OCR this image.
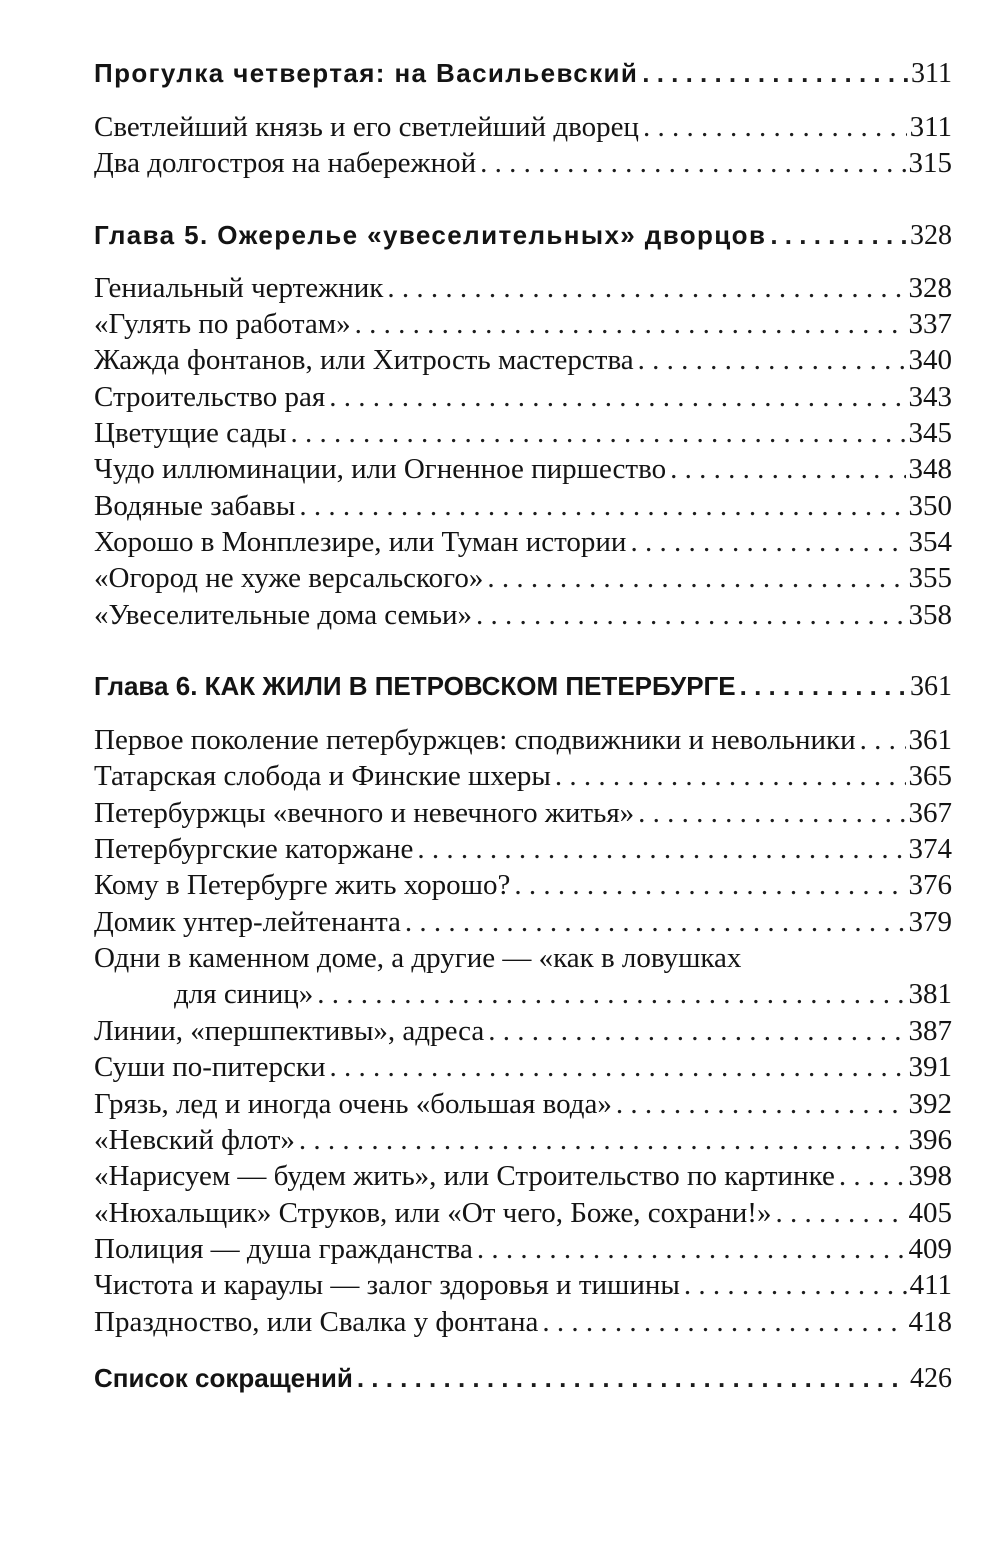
Прогулка четвертая: на Васильевский . . .	311
Светлейший князь и его светлейший дворец . . .	311
Два долгостроя на набережной . . .	315
Глава 5. Ожерелье «увеселительных» дворцов . . .	328
Гениальный чертежник . . .	328
«Гулять по работам» . . .	337
Жажда фонтанов, или Хитрость мастерства . . .	340
Строительство рая . . .	343
Цветущие сады . . .	345
Чудо иллюминации, или Огненное пиршество . . .	348
Водяные забавы . . .	350
Хорошо в Монплезире, или Туман истории . . .	354
«Огород не хуже версальского» . . .	355
«Увеселительные дома семьи» . . .	358
Глава 6. КАК ЖИЛИ В ПЕТРОВСКОМ ПЕТЕРБУРГЕ . . .	361
Первое поколение петербуржцев: сподвижники и невольники . . . 361
Татарская слобода и Финские шхеры . . .	365
Петербуржцы «вечного и невечного житья» . . .	367
Петербургские каторжане . . .	374
Кому в Петербурге жить хорошо? . . .	376
Домик унтер-лейтенанта . . .	379
Одни в каменном доме, а другие — «как в ловушках
для синиц» . . .	381
Линии, «першпективы», адреса . . .	387
Суши по-питерски . . .	391
Грязь, лед и иногда очень «большая вода» . . .	392
«Невский флот» . . .	396
«Нарисуем — будем жить», или Строительство по картинке . . .	398
«Нюхальщик» Струков, или «От чего, Боже, сохрани!» . . .	405
Полиция — душа гражданства . . .	409
Чистота и караулы — залог здоровья и тишины . . .	411
Праздноство, или Свалка у фонтана . . .	418
Список сокращений . . .	426
